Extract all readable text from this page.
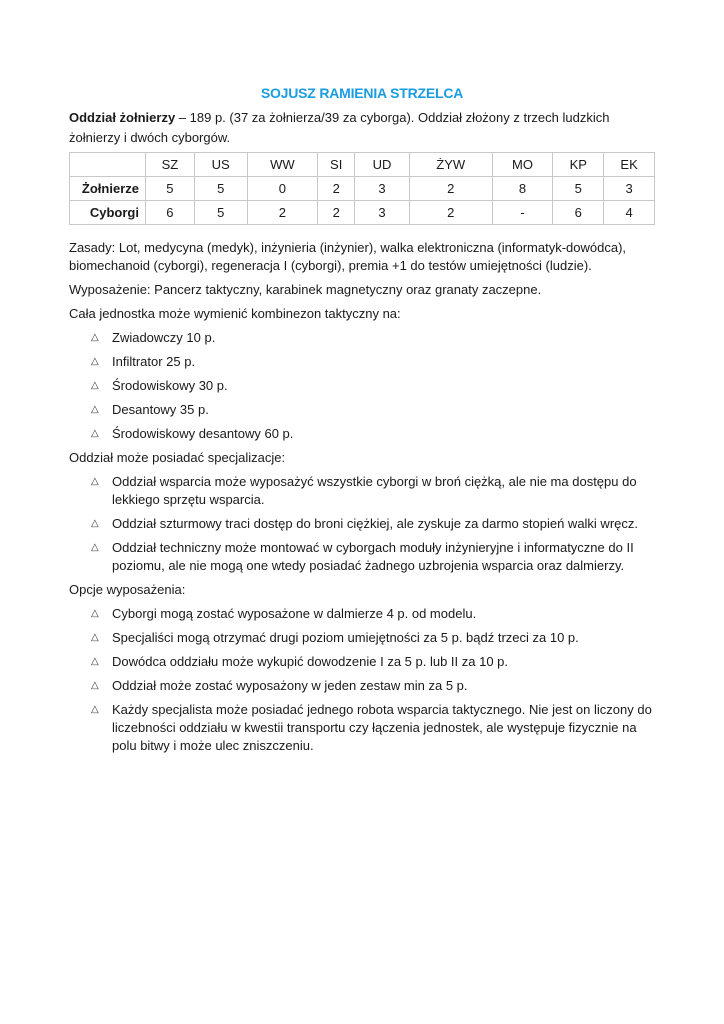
SOJUSZ RAMIENIA STRZELCA

Oddział żołnierzy – 189 p. (37 za żołnierza/39 za cyborga). Oddział złożony z trzech ludzkich żołnierzy i dwóch cyborgów.

	SZ	US	WW	SI	UD	ŻYW	MO	KP	EK
Żołnierze	5	5	0	2	3	2	8	5	3
Cyborgi	6	5	2	2	3	2	-	6	4

Zasady: Lot, medycyna (medyk), inżynieria (inżynier), walka elektroniczna (informatyk-dowódca), biomechanoid (cyborgi), regeneracja I (cyborgi), premia +1 do testów umiejętności (ludzie).

Wyposażenie: Pancerz taktyczny, karabinek magnetyczny oraz granaty zaczepne.

Cała jednostka może wymienić kombinezon taktyczny na:

△ Zwiadowczy 10 p.
△ Infiltrator 25 p.
△ Środowiskowy 30 p.
△ Desantowy 35 p.
△ Środowiskowy desantowy 60 p.

Oddział może posiadać specjalizacje:

△ Oddział wsparcia może wyposażyć wszystkie cyborgi w broń ciężką, ale nie ma dostępu do lekkiego sprzętu wsparcia.
△ Oddział szturmowy traci dostęp do broni ciężkiej, ale zyskuje za darmo stopień walki wręcz.
△ Oddział techniczny może montować w cyborgach moduły inżynieryjne i informatyczne do II poziomu, ale nie mogą one wtedy posiadać żadnego uzbrojenia wsparcia oraz dalmierzy.

Opcje wyposażenia:

△ Cyborgi mogą zostać wyposażone w dalmierze 4 p. od modelu.
△ Specjaliści mogą otrzymać drugi poziom umiejętności za 5 p. bądź trzeci za 10 p.
△ Dowódca oddziału może wykupić dowodzenie I za 5 p. lub II za 10 p.
△ Oddział może zostać wyposażony w jeden zestaw min za 5 p.
△ Każdy specjalista może posiadać jednego robota wsparcia taktycznego. Nie jest on liczony do liczebności oddziału w kwestii transportu czy łączenia jednostek, ale występuje fizycznie na polu bitwy i może ulec zniszczeniu.
